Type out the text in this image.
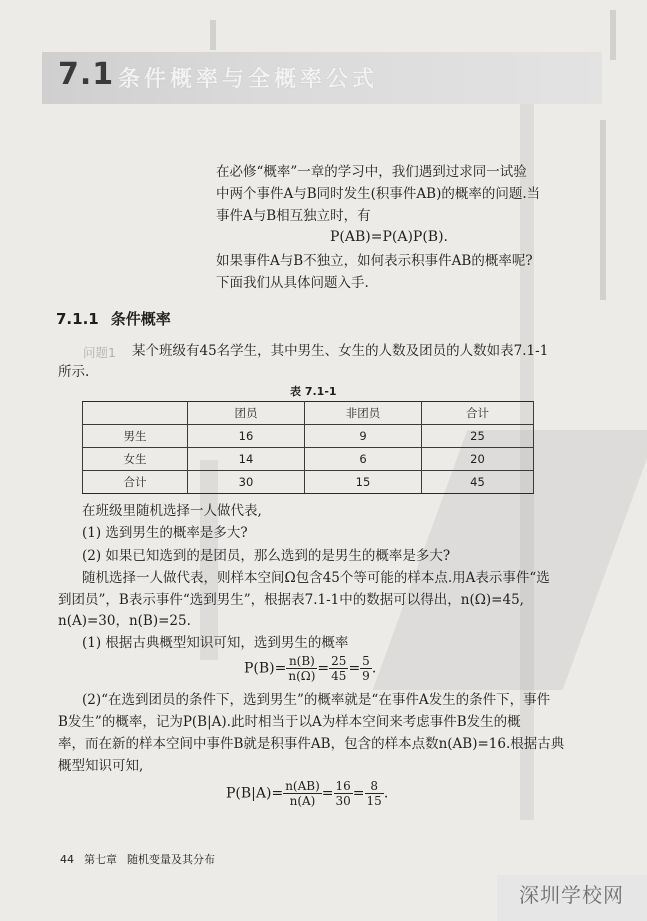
7.1 条件概率与全概率公式
在必修“概率”一章的学习中，我们遇到过求同一试验
中两个事件A与B同时发生(积事件AB)的概率的问题.当
事件A与B相互独立时，有
P(AB)=P(A)P(B).
如果事件A与B不独立，如何表示积事件AB的概率呢?
下面我们从具体问题入手.
7.1.1 条件概率
问题1 某个班级有45名学生，其中男生、女生的人数及团员的人数如表7.1-1
所示.
表 7.1-1
	团员	非团员	合计
男生	16	9	25
女生	14	6	20
合计	30	15	45
在班级里随机选择一人做代表,
(1) 选到男生的概率是多大?
(2) 如果已知选到的是团员，那么选到的是男生的概率是多大?
随机选择一人做代表，则样本空间Ω包含45个等可能的样本点.用A表示事件“选
到团员”，B表示事件“选到男生”，根据表7.1-1中的数据可以得出，n(Ω)=45,
n(A)=30，n(B)=25.
(1) 根据古典概型知识可知，选到男生的概率
$P(B)= \frac{n(B)}{n(\Omega)} = \frac{25}{45} = \frac{5}{9}$ .
(2)“在选到团员的条件下，选到男生”的概率就是“在事件A发生的条件下，事件
B发生”的概率，记为P(B|A).此时相当于以A为样本空间来考虑事件B发生的概
率，而在新的样本空间中事件B就是积事件AB，包含的样本点数n(AB)=16.根据古典
概型知识可知,
$P(B|A)= \frac{n(AB)}{n(A)} = \frac{16}{30} = \frac{8}{15}$ .
44 第七章 随机变量及其分布
深圳学校网
